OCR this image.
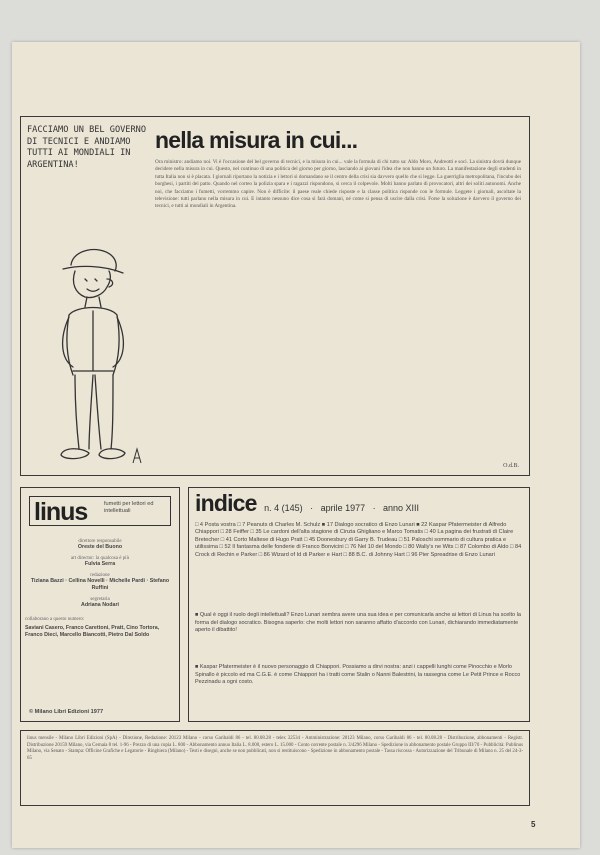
FACCIAMO UN BEL GOVERNO DI TECNICI E ANDIAMO TUTTI AI MONDIALI IN ARGENTINA!
nella misura in cui...
Ora ministro: andiamo noi. Vi è l'occasione del bel governo di tecnici, e la misura in cui... vale la formula di chi tutto sa: Aldo Moro, Andreotti e soci. La sinistra dovrà dunque decidere nella misura in cui. Questo, nel continuo di una politica del giorno per giorno, lasciando ai giovani l'idea che non hanno un futuro. La manifestazione degli studenti in tutta Italia non si è placata. I giornali riportano la notizia e i lettori si domandano se il centro della crisi sia davvero quello che si legge. La guerriglia metropolitana, l'incubo dei borghesi, i partiti del patto. Quando nel corteo la polizia spara e i ragazzi rispondono, si cerca il colpevole. Molti hanno parlato di provocatori, altri dei soliti autonomi. Anche noi, che facciamo i fumetti, vorremmo capire. Non è difficile: il paese reale chiede risposte e la classe politica risponde con le formule. Leggete i giornali, ascoltate la televisione: tutti parlano nella misura in cui. E intanto nessuno dice cosa si farà domani, né come si pensa di uscire dalla crisi. Forse la soluzione è davvero il governo dei tecnici, e tutti ai mondiali in Argentina.
O.d.B.
linus	fumetti per lettori ed intellettuali
direttore responsabile
Oreste del Buono
art director: la qualcosa è più
Fulvia Serra
redazione
Tiziana Bazzi · Cellina Novelli · Michelle Pardi · Stefano Ruffini
segretaria
Adriana Nodari
collaborano a questo numero:
Saviani Casero, Franco Carettoni, Pratt, Cino Tortora, Franco Dieci, Marcello Biancotti, Pietro Dal Soldo
© Milano Libri Edizioni 1977
indice n. 4 (145) · aprile 1977 · anno XIII
□ 4 Posta vostra □ 7 Peanuts di Charles M. Schulz ■ 17 Dialogo socratico di Enzo Lunari ■ 22 Kaspar Pfatermeister di Alfredo Chiappori □ 28 Feiffer □ 35 Le cardoni dell'alta stagione di Cinzia Ghigliano e Marco Tomatis □ 40 La pagina dei frustrati di Claire Bretecher □ 41 Corto Maltese di Hugo Pratt □ 45 Doonesbury di Garry B. Trudeau □ 51 Paloschi sommario di cultura pratica e utilissima □ 52 Il fantasma delle fonderie di Franco Bonvicini □ 76 Nel 10 del Mondo □ 80 Wally's ne Wits □ 87 Colombo di Aldo □ 84 Crock di Rechin e Parker □ 86 Wizard of Id di Parker e Hart □ 88 B.C. di Johnny Hart □ 96 Pier Spreadrise di Enzo Lunari
■ Qual è oggi il ruolo degli intellettuali? Enzo Lunari sembra avere una sua idea e per comunicarla anche ai lettori di Linus ha scelto la forma del dialogo socratico. Bisogna saperlo: che molti lettori non saranno affatto d'accordo con Lunari, dichiarando immediatamente aperto il dibattito!
■ Kaspar Pfatermeister è il nuovo personaggio di Chiappori. Possiamo a dirvi nostra: anzi i cappelli lunghi come Pinocchio e Morlo Spinallo è piccolo ed ma C.G.E. è come Chiappori ha i tratti come Stalin o Nanni Balestrini, la rassegna come Le Petit Prince e Rocco Pezzinadu a ogni costo.
linus mensile - Milano Libri Edizioni (SpA) - Direzione, Redazione: 20123 Milano - corso Garibaldi 86 - tel. 80.08.28 - telex 32534 - Amministrazione: 20123 Milano, corso Garibaldi 86 - tel. 80.08.28 - Distribuzione, abbonamenti - Registr. Distribuzione 20159 Milano, via Cernaia 8 tel. 1-96 - Prezzo di una copia L. 800 - Abbonamento annuo Italia L. 8.000, estero L. 15.000 - Conto corrente postale n. 3/4296 Milano - Spedizione in abbonamento postale Gruppo III/70 - Pubblicità: Publinus Milano, via Senato - Stampa: Officine Grafiche e Legatorie - Ringhiera (Milano) - Testi e disegni, anche se non pubblicati, non si restituiscono - Spedizione in abbonamento postale - Tassa riscossa - Autorizzazione del Tribunale di Milano n. 25 del 24-3-65
5
